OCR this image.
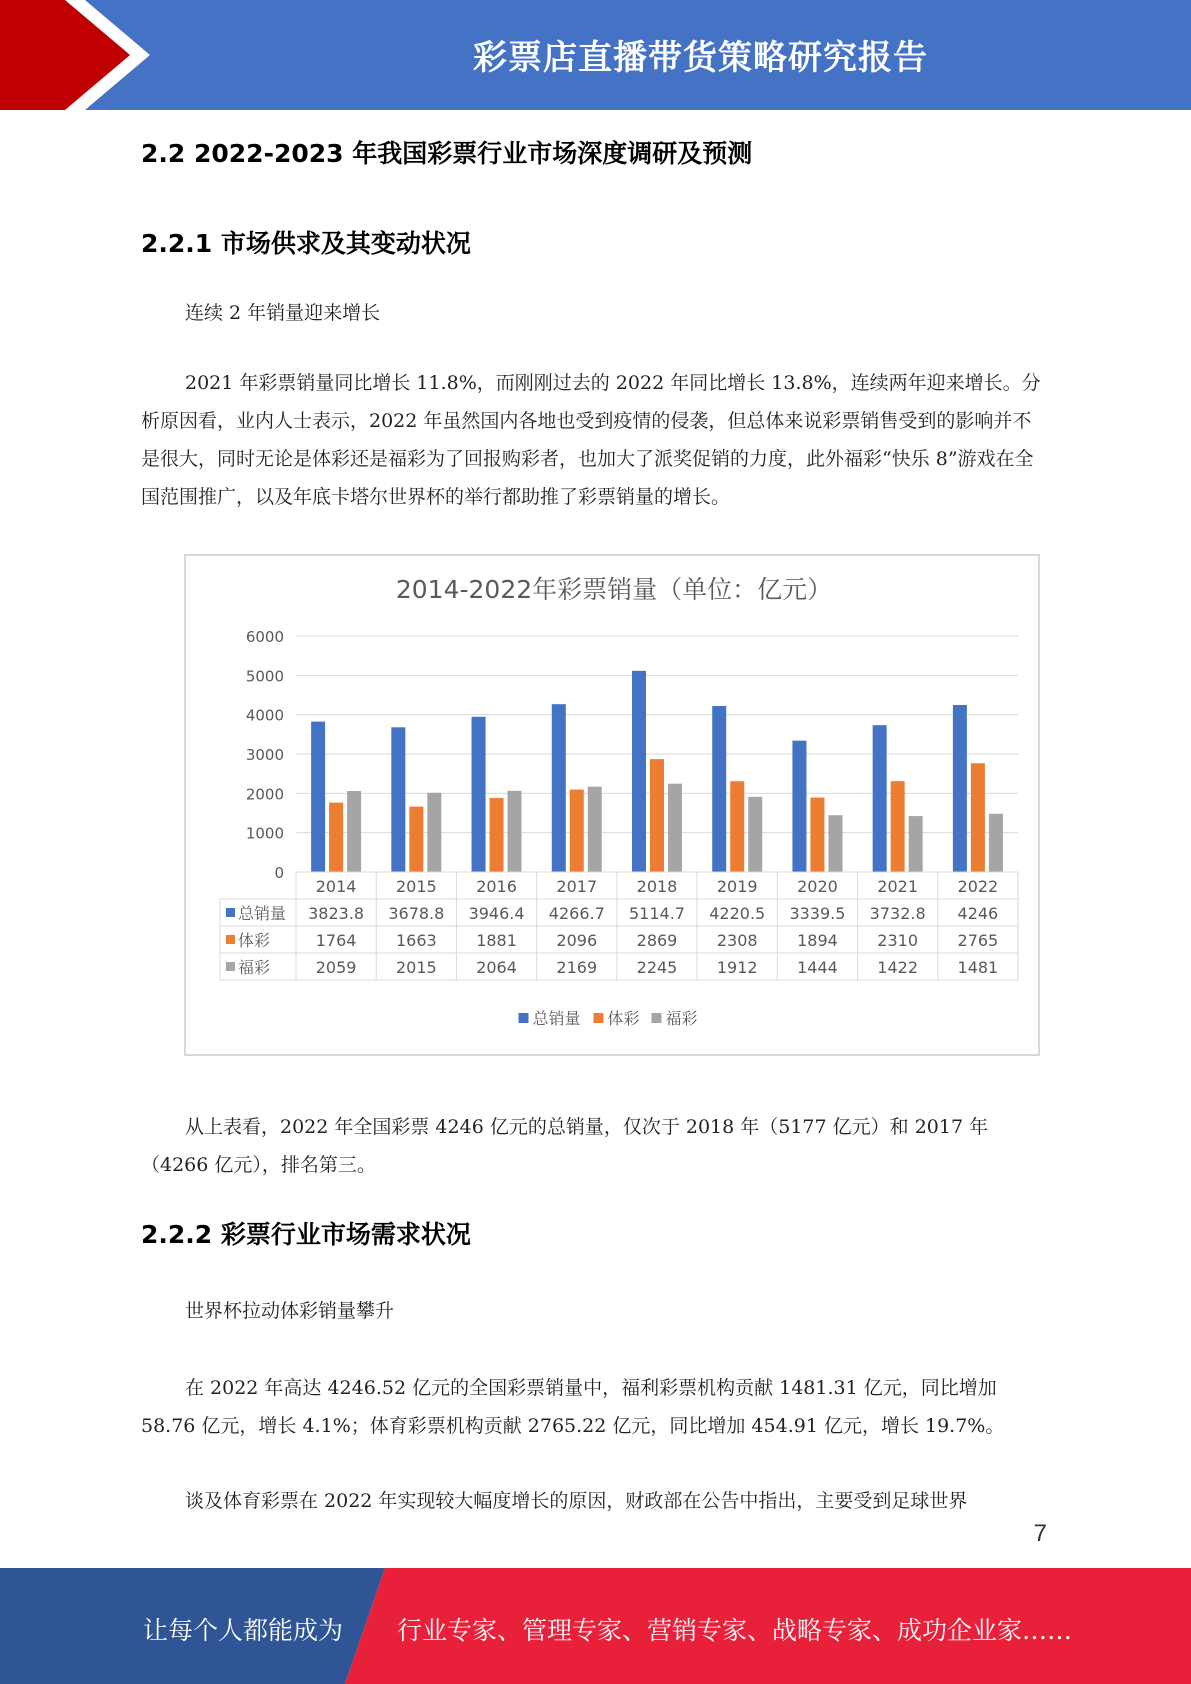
彩票店直播带货策略研究报告
2.2 2022-2023 年我国彩票行业市场深度调研及预测
2.2.1 市场供求及其变动状况
连续 2 年销量迎来增长
2021 年彩票销量同比增长 11.8%，而刚刚过去的 2022 年同比增长 13.8%，连续两年迎来增长。分析原因看，业内人士表示，2022 年虽然国内各地也受到疫情的侵袭，但总体来说彩票销售受到的影响并不是很大，同时无论是体彩还是福彩为了回报购彩者，也加大了派奖促销的力度，此外福彩“快乐 8”游戏在全国范围推广，以及年底卡塔尔世界杯的举行都助推了彩票销量的增长。
2014-2022年彩票销量（单位：亿元）
0
1000
2000
3000
4000
5000
6000
2014 2015 2016 2017 2018 2019 2020 2021 2022
总销量 3823.8 3678.8 3946.4 4266.7 5114.7 4220.5 3339.5 3732.8 4246
体彩	1764 1663 1881 2096 2869 2308 1894 2310 2765
福彩	2059 2015 2064 2169 2245 1912 1444 1422 1481
总销量 体彩 福彩
从上表看，2022 年全国彩票 4246 亿元的总销量，仅次于 2018 年（5177 亿元）和 2017 年（4266 亿元），排名第三。
2.2.2 彩票行业市场需求状况
世界杯拉动体彩销量攀升
在 2022 年高达 4246.52 亿元的全国彩票销量中，福利彩票机构贡献 1481.31 亿元，同比增加 58.76 亿元，增长 4.1%；体育彩票机构贡献 2765.22 亿元，同比增加 454.91 亿元，增长 19.7%。
谈及体育彩票在 2022 年实现较大幅度增长的原因，财政部在公告中指出，主要受到足球世界
7
让每个人都能成为 行业专家、管理专家、营销专家、战略专家、成功企业家……
